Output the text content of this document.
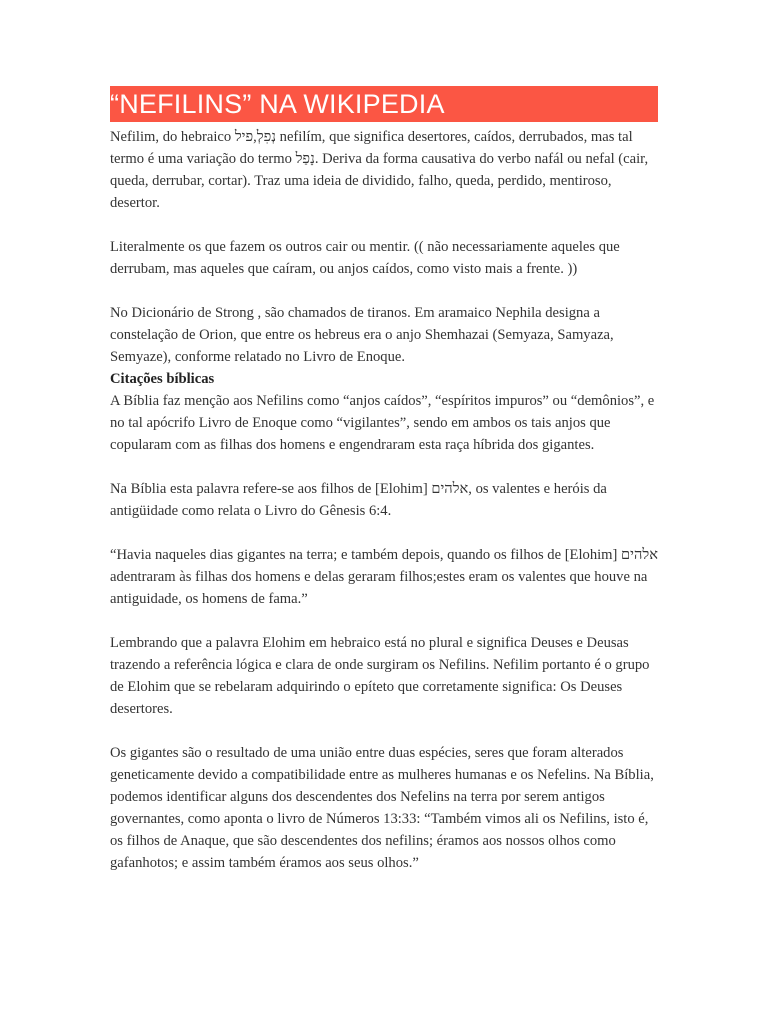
“NEFILINS” NA WIKIPEDIA

Nefilim, do hebraico נְפִלְ,פיל nefilím, que significa desertores, caídos, derrubados, mas tal termo é uma variação do termo נָפַל. Deriva da forma causativa do verbo nafál ou nefal (cair, queda, derrubar, cortar). Traz uma ideia de dividido, falho, queda, perdido, mentiroso, desertor.

Literalmente os que fazem os outros cair ou mentir. (( não necessariamente aqueles que derrubam, mas aqueles que caíram, ou anjos caídos, como visto mais a frente. ))

No Dicionário de Strong , são chamados de tiranos. Em aramaico Nephila designa a constelação de Orion, que entre os hebreus era o anjo Shemhazai (Semyaza, Samyaza, Semyaze), conforme relatado no Livro de Enoque.

Citações bíblicas

A Bíblia faz menção aos Nefilins como “anjos caídos”, “espíritos impuros” ou “demônios”, e no tal apócrifo Livro de Enoque como “vigilantes”, sendo em ambos os tais anjos que copularam com as filhas dos homens e engendraram esta raça híbrida dos gigantes.

Na Bíblia esta palavra refere-se aos filhos de [Elohim] אלהים, os valentes e heróis da antigüidade como relata o Livro do Gênesis 6:4.

“Havia naqueles dias gigantes na terra; e também depois, quando os filhos de [Elohim] אלהים adentraram às filhas dos homens e delas geraram filhos;estes eram os valentes que houve na antiguidade, os homens de fama.”

Lembrando que a palavra Elohim em hebraico está no plural e significa Deuses e Deusas trazendo a referência lógica e clara de onde surgiram os Nefilins. Nefilim portanto é o grupo de Elohim que se rebelaram adquirindo o epíteto que corretamente significa: Os Deuses desertores.

Os gigantes são o resultado de uma união entre duas espécies, seres que foram alterados geneticamente devido a compatibilidade entre as mulheres humanas e os Nefelins. Na Bíblia, podemos identificar alguns dos descendentes dos Nefelins na terra por serem antigos governantes, como aponta o livro de Números 13:33: “Também vimos ali os Nefilins, isto é, os filhos de Anaque, que são descendentes dos nefilins; éramos aos nossos olhos como gafanhotos; e assim também éramos aos seus olhos.”
